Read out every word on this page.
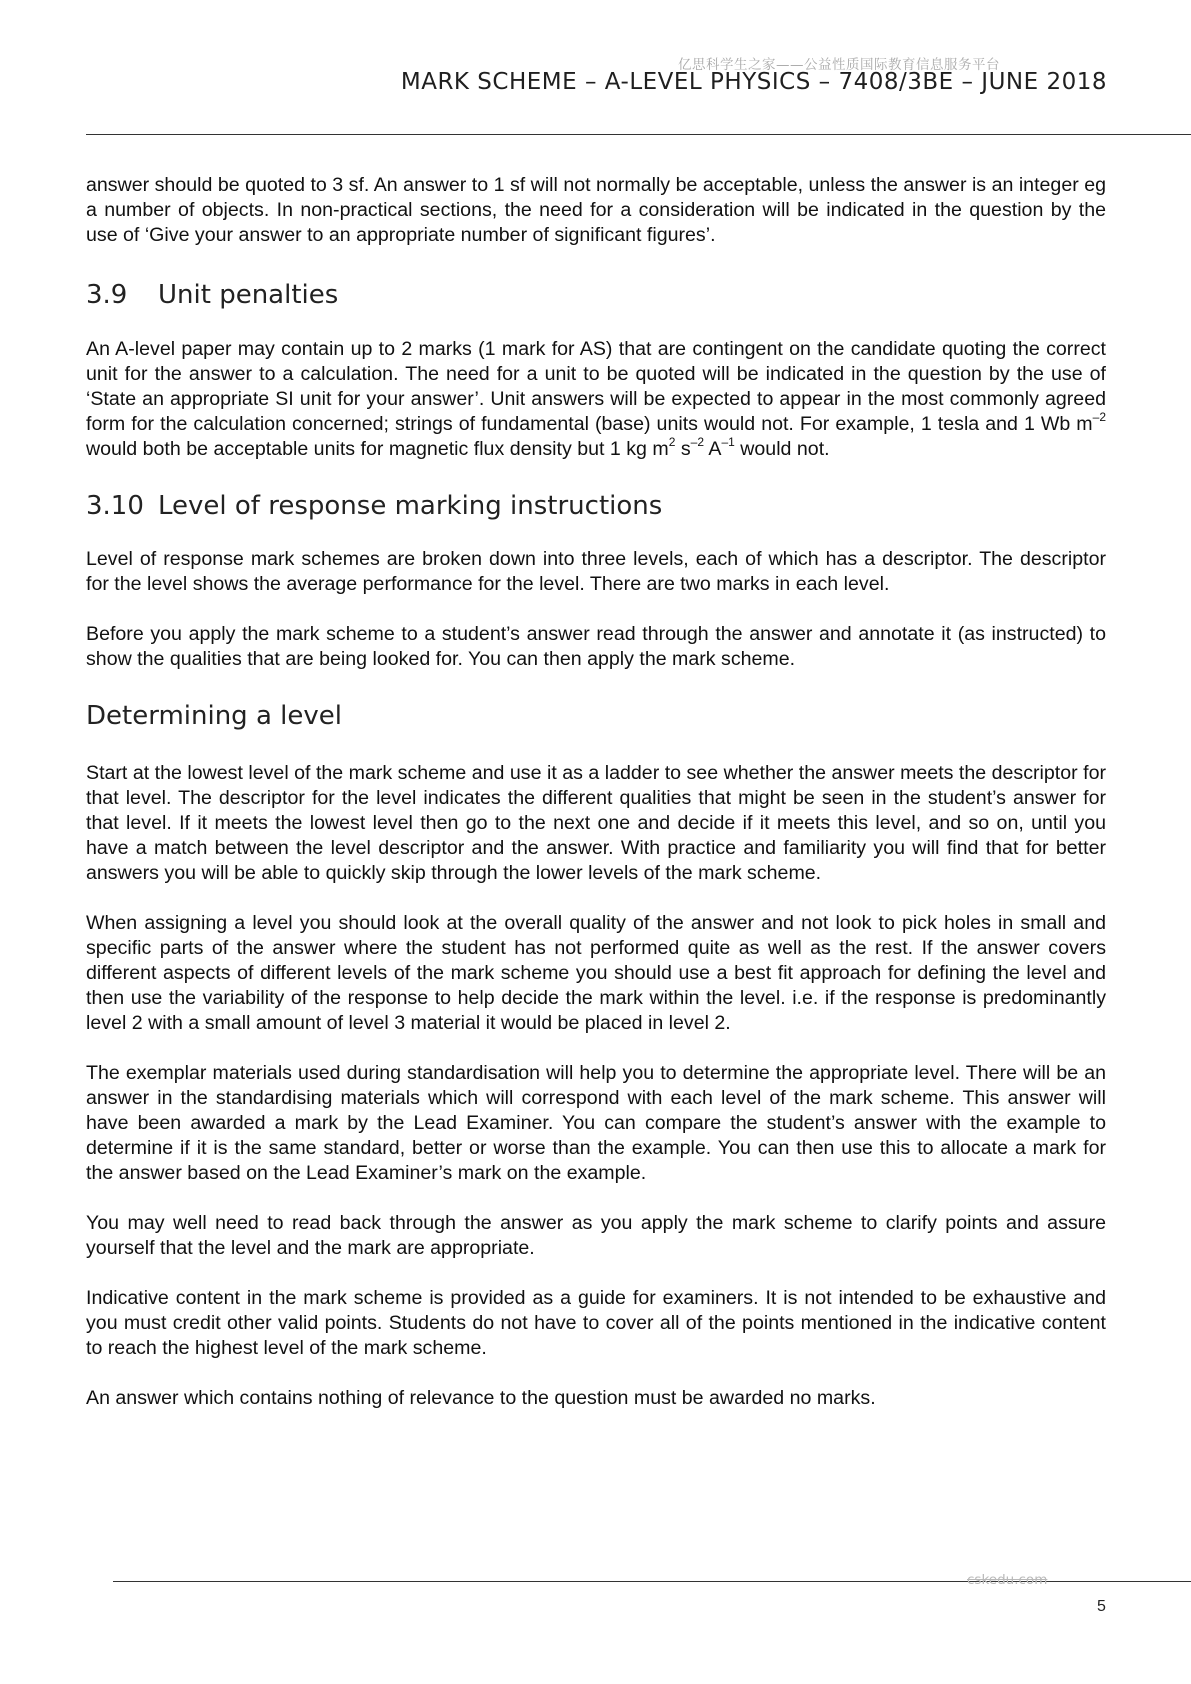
亿思科学生之家——公益性质国际教育信息服务平台
MARK SCHEME – A-LEVEL PHYSICS – 7408/3BE – JUNE 2018

answer should be quoted to 3 sf. An answer to 1 sf will not normally be acceptable, unless the answer is an integer eg a number of objects. In non-practical sections, the need for a consideration will be indicated in the question by the use of ‘Give your answer to an appropriate number of significant figures’.

3.9 Unit penalties

An A-level paper may contain up to 2 marks (1 mark for AS) that are contingent on the candidate quoting the correct unit for the answer to a calculation. The need for a unit to be quoted will be indicated in the question by the use of ‘State an appropriate SI unit for your answer’. Unit answers will be expected to appear in the most commonly agreed form for the calculation concerned; strings of fundamental (base) units would not. For example, 1 tesla and 1 Wb $m^{-2}$ would both be acceptable units for magnetic flux density but 1 kg $m^2$ $s^{-2}$ $A^{-1}$ would not.

3.10 Level of response marking instructions

Level of response mark schemes are broken down into three levels, each of which has a descriptor. The descriptor for the level shows the average performance for the level. There are two marks in each level.

Before you apply the mark scheme to a student’s answer read through the answer and annotate it (as instructed) to show the qualities that are being looked for. You can then apply the mark scheme.

Determining a level

Start at the lowest level of the mark scheme and use it as a ladder to see whether the answer meets the descriptor for that level. The descriptor for the level indicates the different qualities that might be seen in the student’s answer for that level. If it meets the lowest level then go to the next one and decide if it meets this level, and so on, until you have a match between the level descriptor and the answer. With practice and familiarity you will find that for better answers you will be able to quickly skip through the lower levels of the mark scheme.

When assigning a level you should look at the overall quality of the answer and not look to pick holes in small and specific parts of the answer where the student has not performed quite as well as the rest. If the answer covers different aspects of different levels of the mark scheme you should use a best fit approach for defining the level and then use the variability of the response to help decide the mark within the level. i.e. if the response is predominantly level 2 with a small amount of level 3 material it would be placed in level 2.

The exemplar materials used during standardisation will help you to determine the appropriate level. There will be an answer in the standardising materials which will correspond with each level of the mark scheme. This answer will have been awarded a mark by the Lead Examiner. You can compare the student’s answer with the example to determine if it is the same standard, better or worse than the example. You can then use this to allocate a mark for the answer based on the Lead Examiner’s mark on the example.

You may well need to read back through the answer as you apply the mark scheme to clarify points and assure yourself that the level and the mark are appropriate.

Indicative content in the mark scheme is provided as a guide for examiners. It is not intended to be exhaustive and you must credit other valid points. Students do not have to cover all of the points mentioned in the indicative content to reach the highest level of the mark scheme.

An answer which contains nothing of relevance to the question must be awarded no marks.

cskedu.com
5
